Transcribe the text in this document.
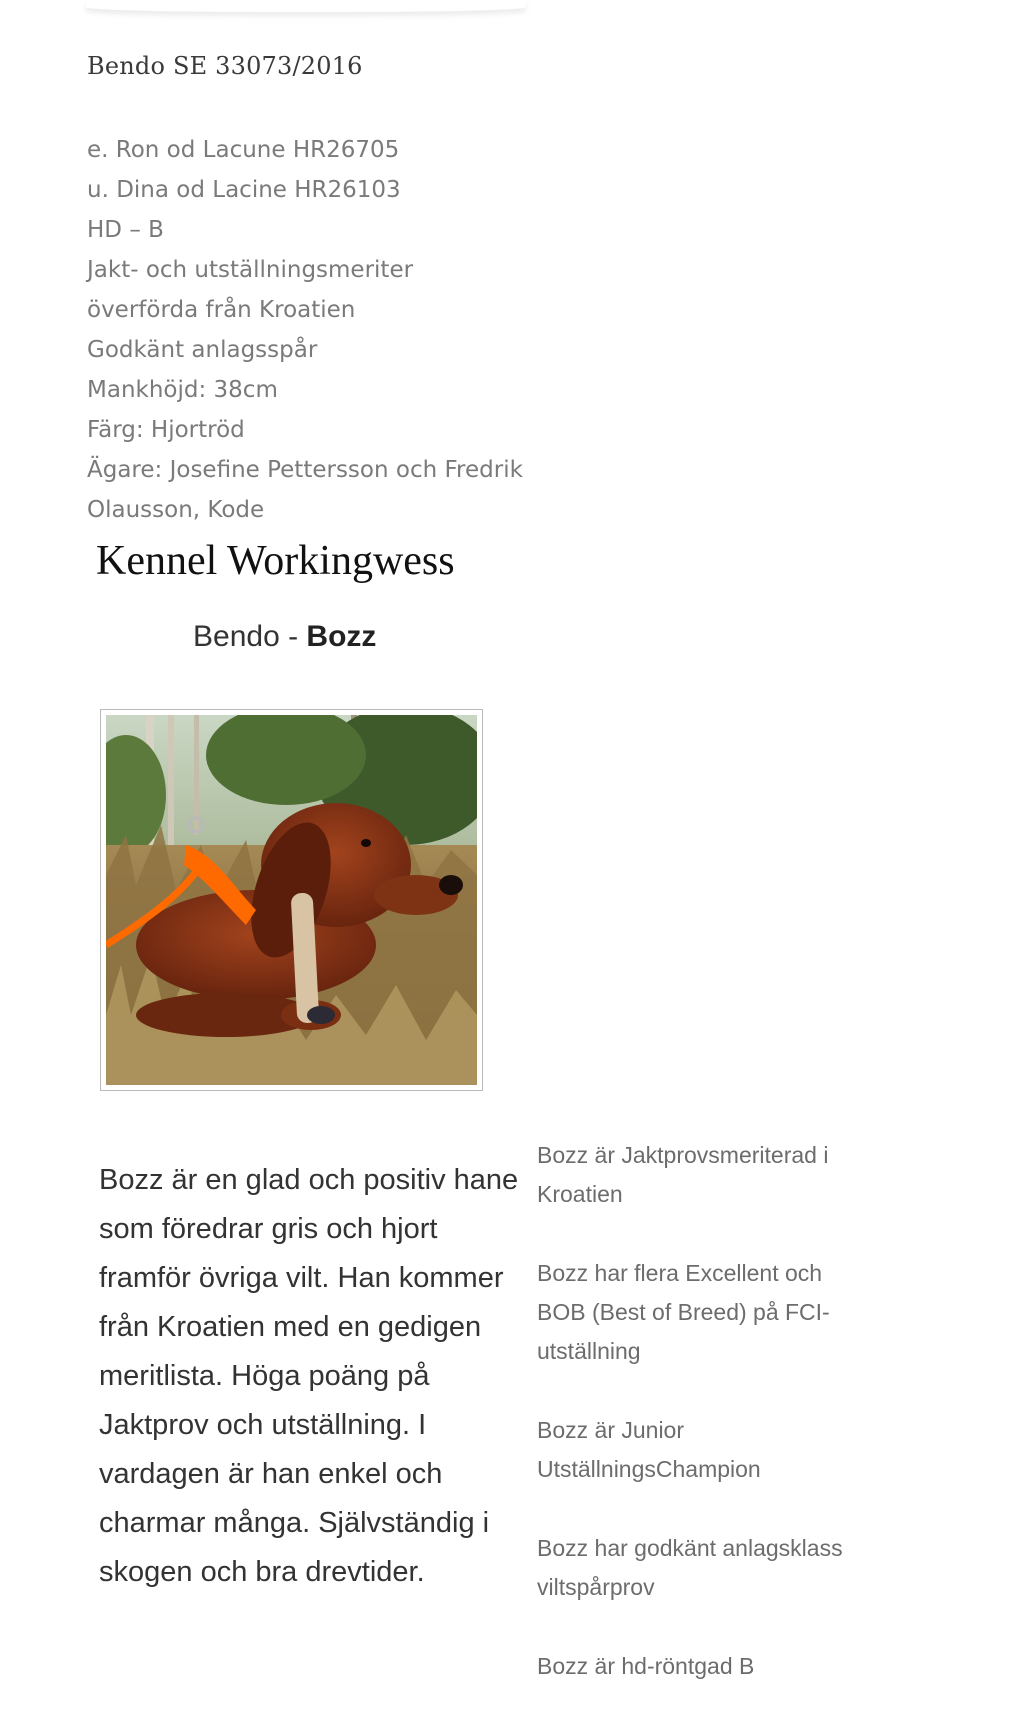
Bendo SE 33073/2016
e. Ron od Lacune HR26705
u. Dina od Lacine HR26103
HD – B
Jakt- och utställningsmeriter
överförda från Kroatien
Godkänt anlagsspår
Mankhöjd: 38cm
Färg: Hjortröd
Ägare: Josefine Pettersson och Fredrik
Olausson, Kode
Kennel Workingwess
Bendo - Bozz

Bozz är en glad och positiv hane som föredrar gris och hjort framför övriga vilt. Han kommer från Kroatien med en gedigen meritlista. Höga poäng på Jaktprov och utställning. I vardagen är han enkel och charmar många. Självständig i skogen och bra drevtider.

Bozz är Jaktprovsmeriterad i Kroatien
Bozz har flera Excellent och BOB (Best of Breed) på FCI-utställning
Bozz är Junior UtställningsChampion
Bozz har godkänt anlagsklass viltspårprov
Bozz är hd-röntgad B
